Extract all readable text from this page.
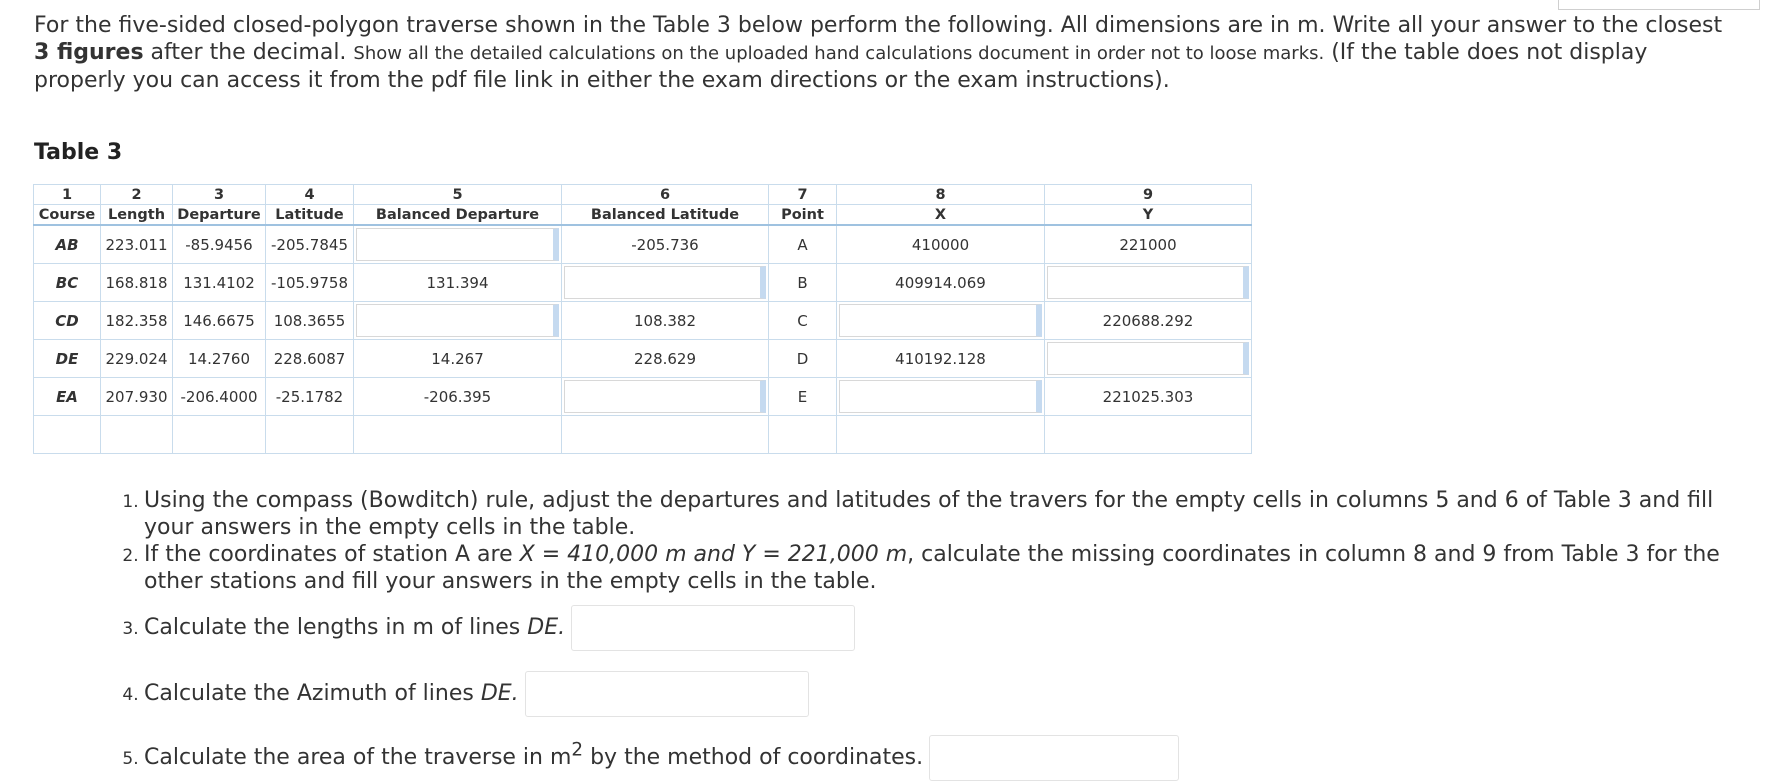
For the five-sided closed-polygon traverse shown in the Table 3 below perform the following. All dimensions are in m. Write all your answer to the closest 3 figures after the decimal. Show all the detailed calculations on the uploaded hand calculations document in order not to loose marks. (If the table does not display properly you can access it from the pdf file link in either the exam directions or the exam instructions).
Table 3
1	2	3	4	5	6	7	8	9
Course	Length	Departure	Latitude	Balanced Departure	Balanced Latitude	Point	X	Y
AB	223.011	-85.9456	-205.7845		-205.736	A	410000	221000
BC	168.818	131.4102	-105.9758	131.394		B	409914.069	

CD	182.358	146.6675	108.3655		108.382	C		220688.292
DE	229.024	14.2760	228.6087	14.267	228.629	D	410192.128	

EA	207.930	-206.4000	-25.1782	-206.395		E		221025.303

1. Using the compass (Bowditch) rule, adjust the departures and latitudes of the travers for the empty cells in columns 5 and 6 of Table 3 and fill your answers in the empty cells in the table.
2. If the coordinates of station A are X = 410,000 m and Y = 221,000 m, calculate the missing coordinates in column 8 and 9 from Table 3 for the other stations and fill your answers in the empty cells in the table.
3. Calculate the lengths in m of lines DE.
4. Calculate the Azimuth of lines DE.
5. Calculate the area of the traverse in $m^2$ by the method of coordinates.
